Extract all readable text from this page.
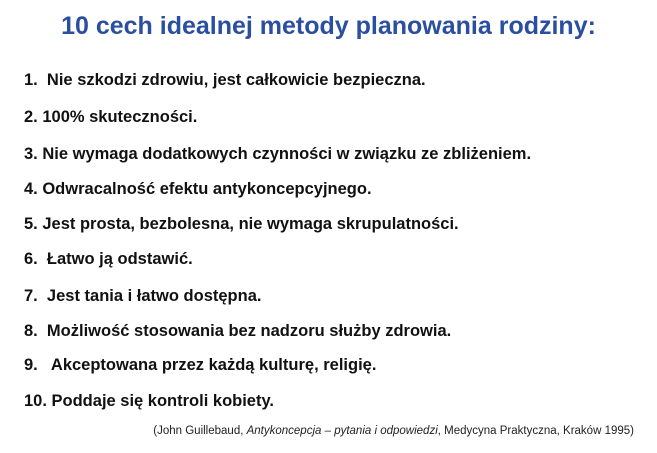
10 cech idealnej metody planowania rodziny:
1.  Nie szkodzi zdrowiu, jest całkowicie bezpieczna.
2. 100% skuteczności.
3. Nie wymaga dodatkowych czynności w związku ze zbliżeniem.
4. Odwracalność efektu antykoncepcyjnego.
5. Jest prosta, bezbolesna, nie wymaga skrupulatności.
6.  Łatwo ją odstawić.
7.  Jest tania i łatwo dostępna.
8.  Możliwość stosowania bez nadzoru służby zdrowia.
9.   Akceptowana przez każdą kulturę, religię.
10. Poddaje się kontroli kobiety.
(John Guillebaud, Antykoncepcja – pytania i odpowiedzi, Medycyna Praktyczna, Kraków 1995)
